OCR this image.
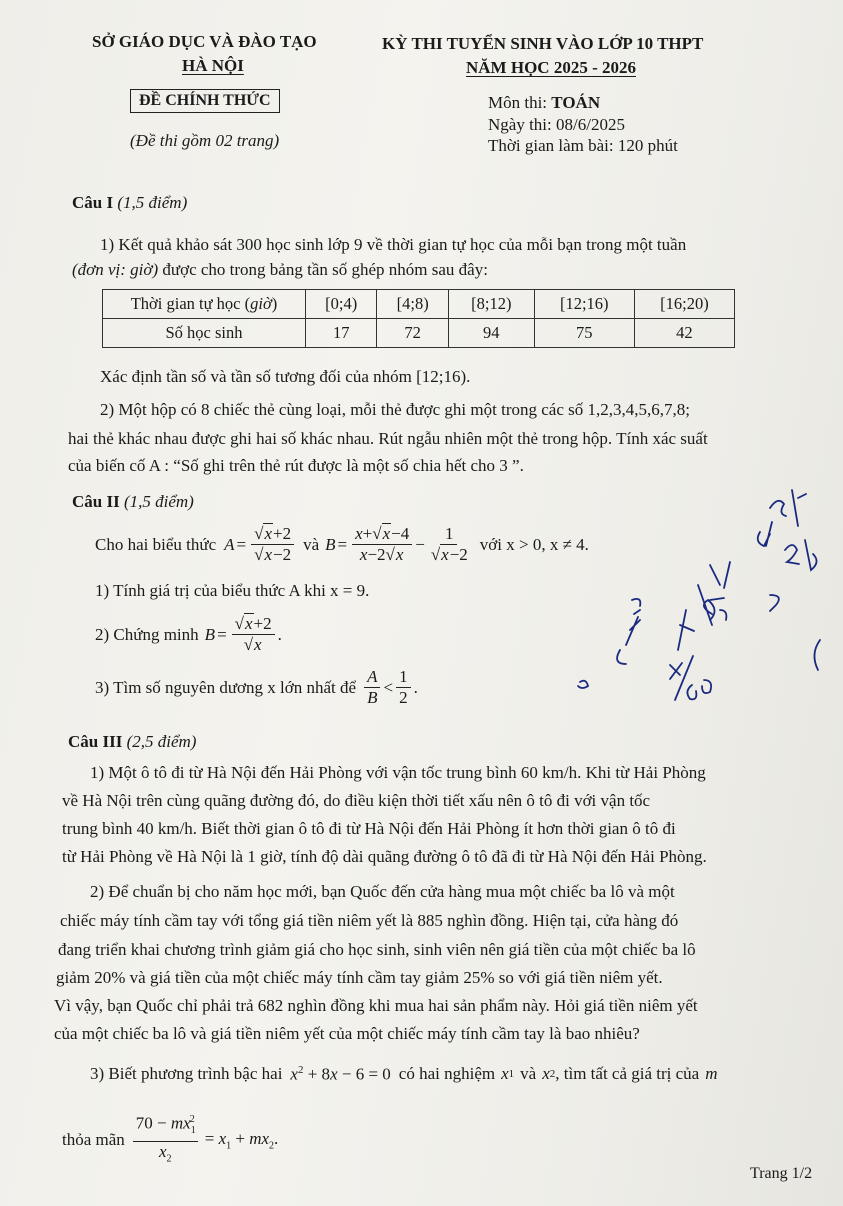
SỞ GIÁO DỤC VÀ ĐÀO TẠO
HÀ NỘI
KỲ THI TUYỂN SINH VÀO LỚP 10 THPT
NĂM HỌC 2025 - 2026
ĐỀ CHÍNH THỨC
(Đề thi gồm 02 trang)
Môn thi: TOÁN
Ngày thi: 08/6/2025
Thời gian làm bài: 120 phút
Câu I (1,5 điểm)
1) Kết quả khảo sát 300 học sinh lớp 9 về thời gian tự học của mỗi bạn trong một tuần
(đơn vị: giờ) được cho trong bảng tần số ghép nhóm sau đây:
Thời gian tự học (giờ)	[0;4)	[4;8)	[8;12)	[12;16)	[16;20)
Số học sinh	17	72	94	75	42
Xác định tần số và tần số tương đối của nhóm [12;16).
2) Một hộp có 8 chiếc thẻ cùng loại, mỗi thẻ được ghi một trong các số 1,2,3,4,5,6,7,8;
hai thẻ khác nhau được ghi hai số khác nhau. Rút ngẫu nhiên một thẻ trong hộp. Tính xác suất
của biến cố A : “Số ghi trên thẻ rút được là một số chia hết cho 3 ”.
Câu II (1,5 điểm)
Cho hai biểu thức $A = \frac{√x+2}{√x-2}$ và $B = \frac{x+√x-4}{x-2√x} - \frac{1}{√x-2}$ với x > 0, x ≠ 4.
1) Tính giá trị của biểu thức A khi x = 9.
2) Chứng minh $B = \frac{√x+2}{√x}$ .
3) Tìm số nguyên dương x lớn nhất để $\frac{A}{B} < \frac{1}{2}$ .
Câu III (2,5 điểm)
1) Một ô tô đi từ Hà Nội đến Hải Phòng với vận tốc trung bình 60 km/h. Khi từ Hải Phòng
về Hà Nội trên cùng quãng đường đó, do điều kiện thời tiết xấu nên ô tô đi với vận tốc
trung bình 40 km/h. Biết thời gian ô tô đi từ Hà Nội đến Hải Phòng ít hơn thời gian ô tô đi
từ Hải Phòng về Hà Nội là 1 giờ, tính độ dài quãng đường ô tô đã đi từ Hà Nội đến Hải Phòng.
2) Để chuẩn bị cho năm học mới, bạn Quốc đến cửa hàng mua một chiếc ba lô và một
chiếc máy tính cầm tay với tổng giá tiền niêm yết là 885 nghìn đồng. Hiện tại, cửa hàng đó
đang triển khai chương trình giảm giá cho học sinh, sinh viên nên giá tiền của một chiếc ba lô
giảm 20% và giá tiền của một chiếc máy tính cầm tay giảm 25% so với giá tiền niêm yết.
Vì vậy, bạn Quốc chỉ phải trả 682 nghìn đồng khi mua hai sản phẩm này. Hỏi giá tiền niêm yết
của một chiếc ba lô và giá tiền niêm yết của một chiếc máy tính cầm tay là bao nhiêu?
3) Biết phương trình bậc hai $x^2 + 8x - 6 = 0$ có hai nghiệm x 1 và x 2 , tìm tất cả giá trị của m
thỏa mãn $\frac{70 - mx_1^2}{x_2} = x_1 + mx_2$.
Trang 1/2
